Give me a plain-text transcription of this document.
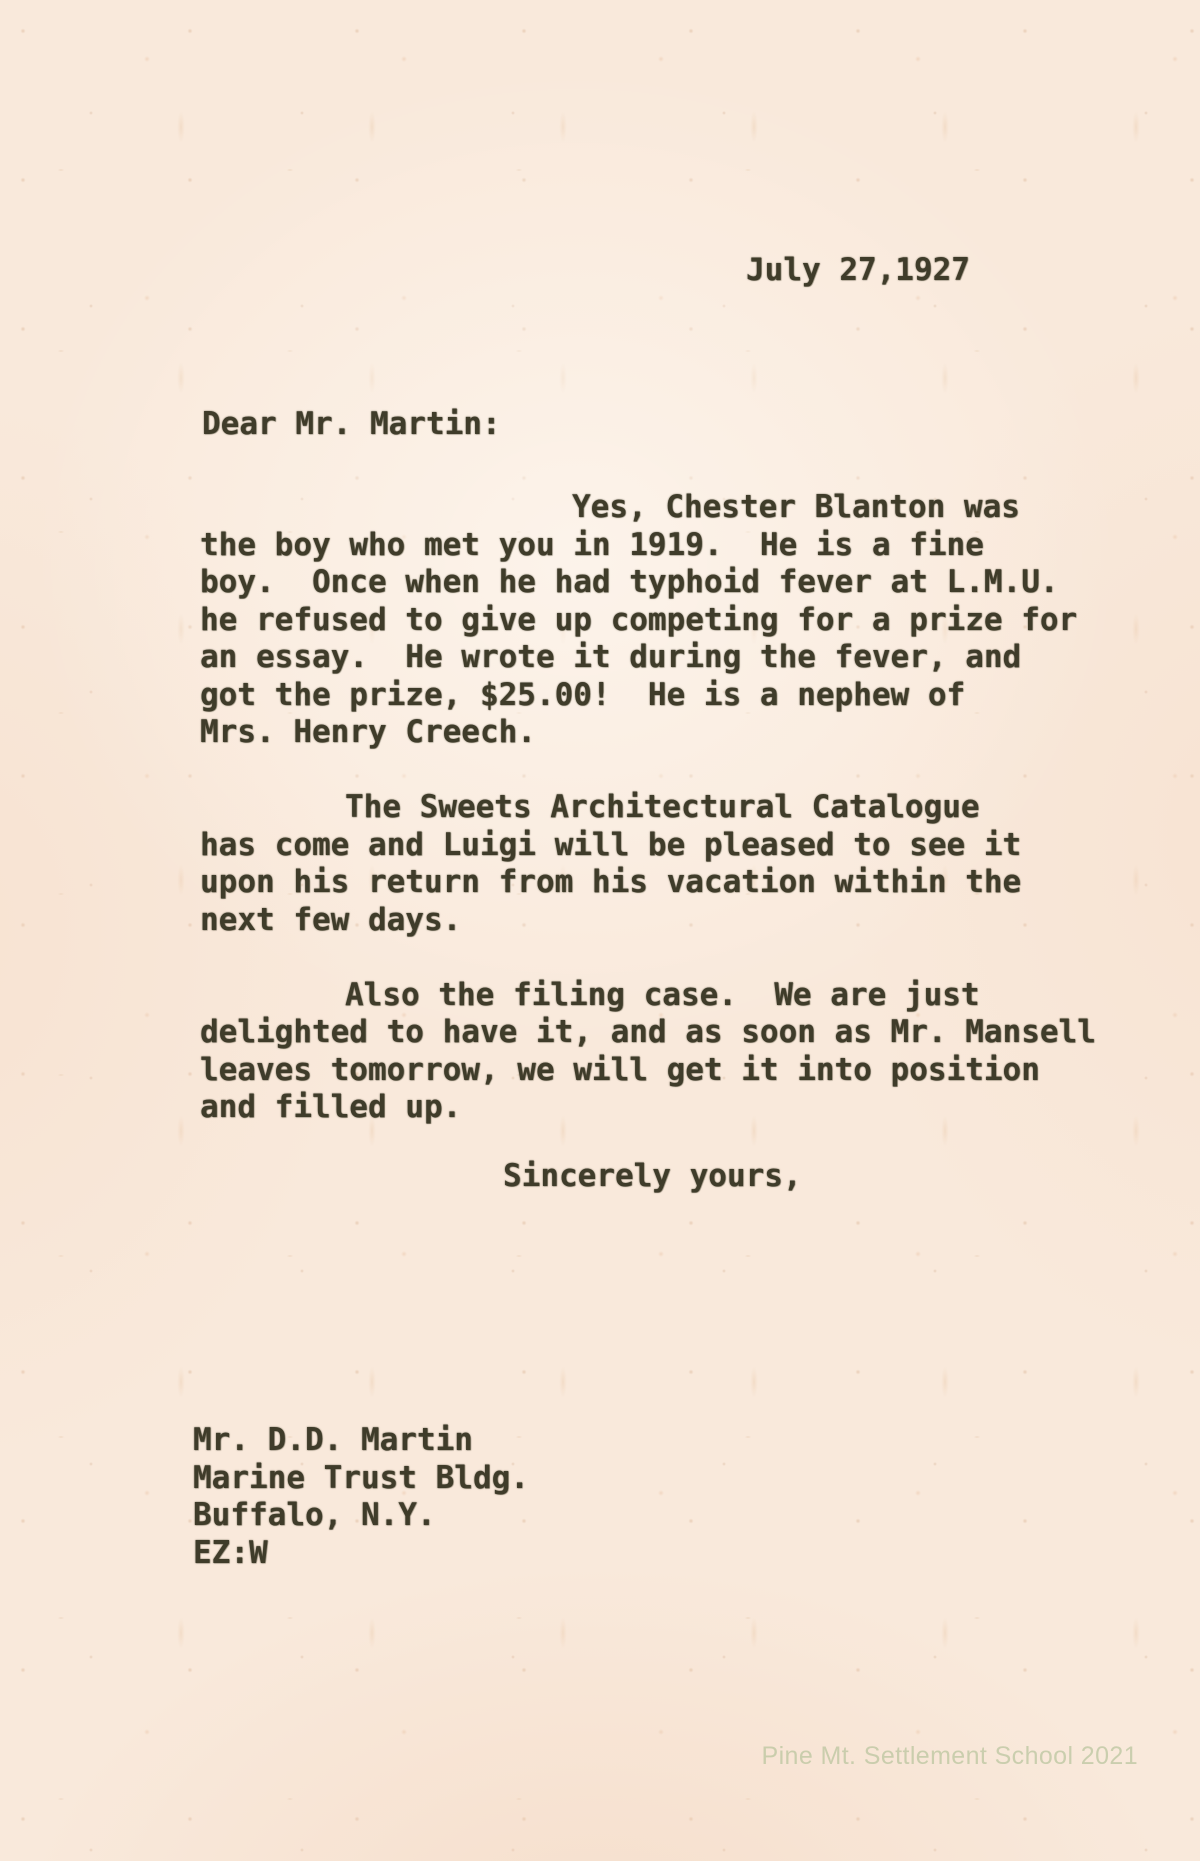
July 27,1927
Dear Mr. Martin:
Yes, Chester Blanton was
the boy who met you in 1919.  He is a fine
boy.  Once when he had typhoid fever at L.M.U.
he refused to give up competing for a prize for
an essay.  He wrote it during the fever, and
got the prize, $25.00!  He is a nephew of
Mrs. Henry Creech.
The Sweets Architectural Catalogue
has come and Luigi will be pleased to see it
upon his return from his vacation within the
next few days.
Also the filing case.  We are just
delighted to have it, and as soon as Mr. Mansell
leaves tomorrow, we will get it into position
and filled up.
Sincerely yours,
Mr. D.D. Martin
Marine Trust Bldg.
Buffalo, N.Y.
EZ:W
Pine Mt. Settlement School 2021
